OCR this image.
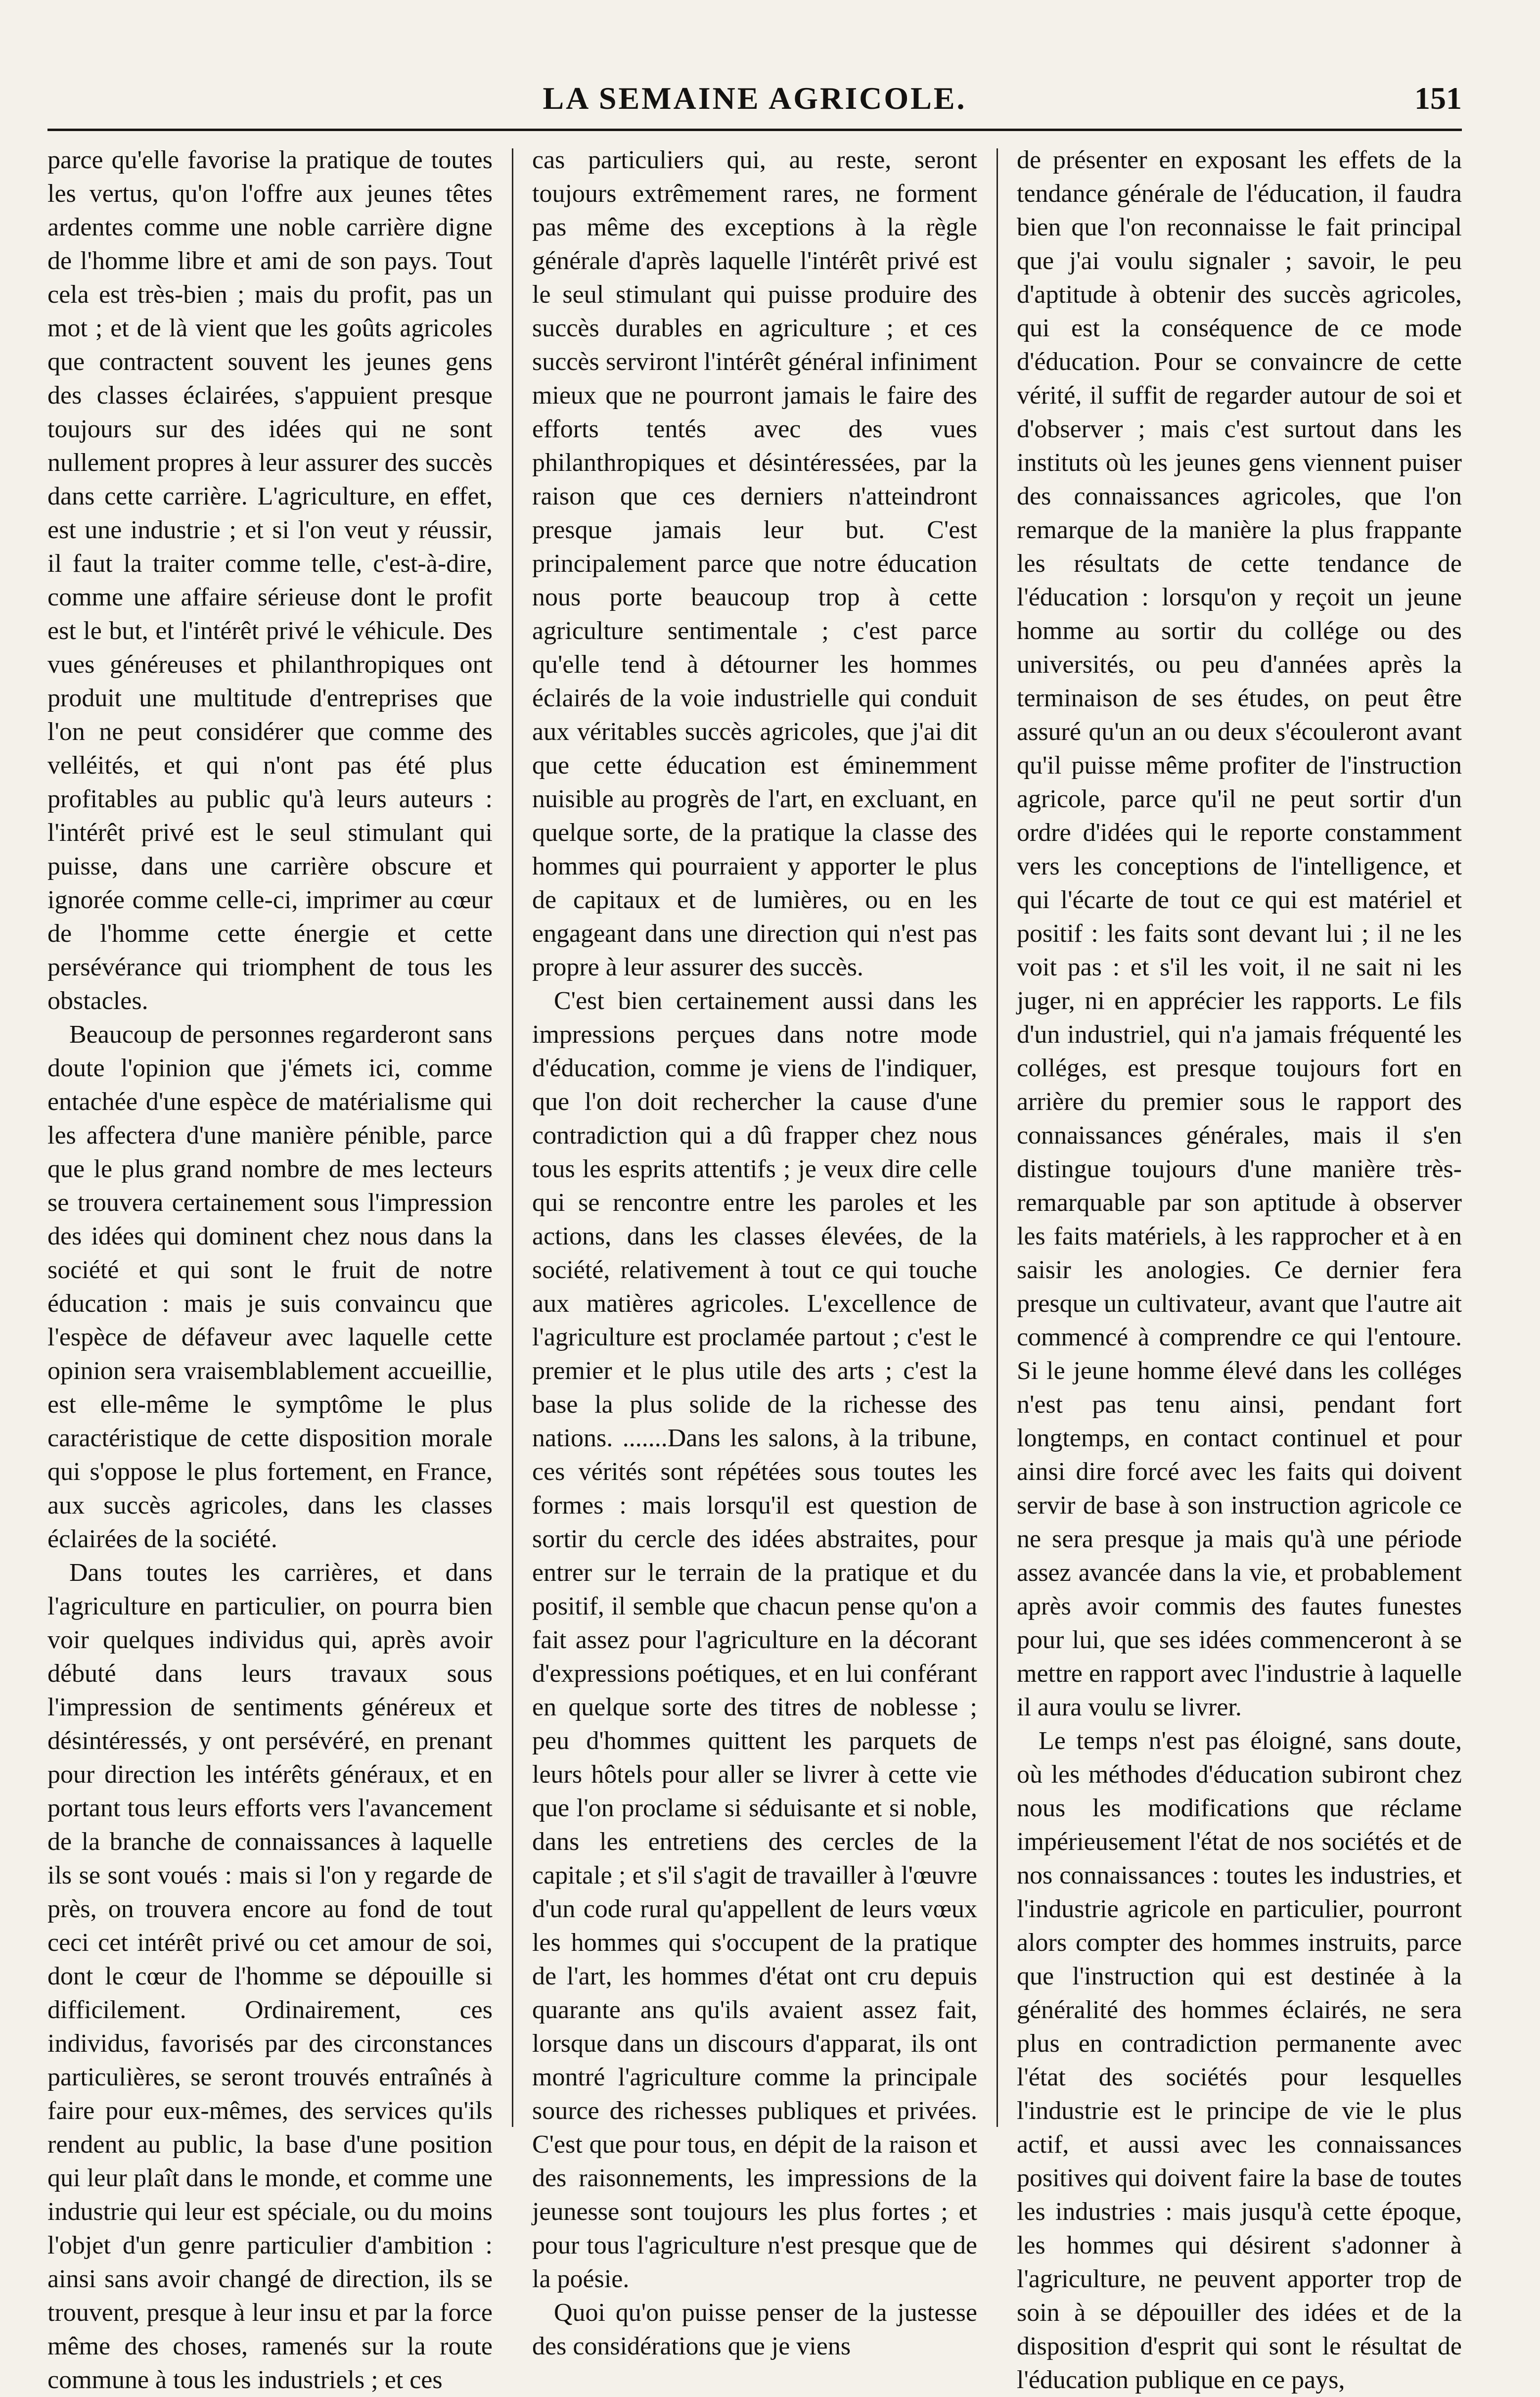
LA SEMAINE AGRICOLE.	151

parce qu'elle favorise la pratique de toutes les vertus, qu'on l'offre aux jeunes têtes ardentes comme une noble carrière digne de l'homme libre et ami de son pays. Tout cela est très-bien ; mais du profit, pas un mot ; et de là vient que les goûts agricoles que contractent souvent les jeunes gens des classes éclairées, s'appuient presque toujours sur des idées qui ne sont nullement propres à leur assurer des succès dans cette carrière. L'agriculture, en effet, est une industrie ; et si l'on veut y réussir, il faut la traiter comme telle, c'est-à-dire, comme une affaire sérieuse dont le profit est le but, et l'intérêt privé le véhicule. Des vues généreuses et philanthropiques ont produit une multitude d'entreprises que l'on ne peut considérer que comme des velléités, et qui n'ont pas été plus profitables au public qu'à leurs auteurs : l'intérêt privé est le seul stimulant qui puisse, dans une carrière obscure et ignorée comme celle-ci, imprimer au cœur de l'homme cette énergie et cette persévérance qui triomphent de tous les obstacles.

Beaucoup de personnes regarderont sans doute l'opinion que j'émets ici, comme entachée d'une espèce de matérialisme qui les affectera d'une manière pénible, parce que le plus grand nombre de mes lecteurs se trouvera certainement sous l'impression des idées qui dominent chez nous dans la société et qui sont le fruit de notre éducation : mais je suis convaincu que l'espèce de défaveur avec laquelle cette opinion sera vraisemblablement accueillie, est elle-même le symptôme le plus caractéristique de cette disposition morale qui s'oppose le plus fortement, en France, aux succès agricoles, dans les classes éclairées de la société.

Dans toutes les carrières, et dans l'agriculture en particulier, on pourra bien voir quelques individus qui, après avoir débuté dans leurs travaux sous l'impression de sentiments généreux et désintéressés, y ont persévéré, en prenant pour direction les intérêts généraux, et en portant tous leurs efforts vers l'avancement de la branche de connaissances à laquelle ils se sont voués : mais si l'on y regarde de près, on trouvera encore au fond de tout ceci cet intérêt privé ou cet amour de soi, dont le cœur de l'homme se dépouille si difficilement. Ordinairement, ces individus, favorisés par des circonstances particulières, se seront trouvés entraînés à faire pour eux-mêmes, des services qu'ils rendent au public, la base d'une position qui leur plaît dans le monde, et comme une industrie qui leur est spéciale, ou du moins l'objet d'un genre particulier d'ambition : ainsi sans avoir changé de direction, ils se trouvent, presque à leur insu et par la force même des choses, ramenés sur la route commune à tous les industriels ; et ces

cas particuliers qui, au reste, seront toujours extrêmement rares, ne forment pas même des exceptions à la règle générale d'après laquelle l'intérêt privé est le seul stimulant qui puisse produire des succès durables en agriculture ; et ces succès serviront l'intérêt général infiniment mieux que ne pourront jamais le faire des efforts tentés avec des vues philanthropiques et désintéressées, par la raison que ces derniers n'atteindront presque jamais leur but. C'est principalement parce que notre éducation nous porte beaucoup trop à cette agriculture sentimentale ; c'est parce qu'elle tend à détourner les hommes éclairés de la voie industrielle qui conduit aux véritables succès agricoles, que j'ai dit que cette éducation est éminemment nuisible au progrès de l'art, en excluant, en quelque sorte, de la pratique la classe des hommes qui pourraient y apporter le plus de capitaux et de lumières, ou en les engageant dans une direction qui n'est pas propre à leur assurer des succès.

C'est bien certainement aussi dans les impressions perçues dans notre mode d'éducation, comme je viens de l'indiquer, que l'on doit rechercher la cause d'une contradiction qui a dû frapper chez nous tous les esprits attentifs ; je veux dire celle qui se rencontre entre les paroles et les actions, dans les classes élevées, de la société, relativement à tout ce qui touche aux matières agricoles. L'excellence de l'agriculture est proclamée partout ; c'est le premier et le plus utile des arts ; c'est la base la plus solide de la richesse des nations. .......Dans les salons, à la tribune, ces vérités sont répétées sous toutes les formes : mais lorsqu'il est question de sortir du cercle des idées abstraites, pour entrer sur le terrain de la pratique et du positif, il semble que chacun pense qu'on a fait assez pour l'agriculture en la décorant d'expressions poétiques, et en lui conférant en quelque sorte des titres de noblesse ; peu d'hommes quittent les parquets de leurs hôtels pour aller se livrer à cette vie que l'on proclame si séduisante et si noble, dans les entretiens des cercles de la capitale ; et s'il s'agit de travailler à l'œuvre d'un code rural qu'appellent de leurs vœux les hommes qui s'occupent de la pratique de l'art, les hommes d'état ont cru depuis quarante ans qu'ils avaient assez fait, lorsque dans un discours d'apparat, ils ont montré l'agriculture comme la principale source des richesses publiques et privées. C'est que pour tous, en dépit de la raison et des raisonnements, les impressions de la jeunesse sont toujours les plus fortes ; et pour tous l'agriculture n'est presque que de la poésie.

Quoi qu'on puisse penser de la justesse des considérations que je viens

de présenter en exposant les effets de la tendance générale de l'éducation, il faudra bien que l'on reconnaisse le fait principal que j'ai voulu signaler ; savoir, le peu d'aptitude à obtenir des succès agricoles, qui est la conséquence de ce mode d'éducation. Pour se convaincre de cette vérité, il suffit de regarder autour de soi et d'observer ; mais c'est surtout dans les instituts où les jeunes gens viennent puiser des connaissances agricoles, que l'on remarque de la manière la plus frappante les résultats de cette tendance de l'éducation : lorsqu'on y reçoit un jeune homme au sortir du collége ou des universités, ou peu d'années après la terminaison de ses études, on peut être assuré qu'un an ou deux s'écouleront avant qu'il puisse même profiter de l'instruction agricole, parce qu'il ne peut sortir d'un ordre d'idées qui le reporte constamment vers les conceptions de l'intelligence, et qui l'écarte de tout ce qui est matériel et positif : les faits sont devant lui ; il ne les voit pas : et s'il les voit, il ne sait ni les juger, ni en apprécier les rapports. Le fils d'un industriel, qui n'a jamais fréquenté les colléges, est presque toujours fort en arrière du premier sous le rapport des connaissances générales, mais il s'en distingue toujours d'une manière très-remarquable par son aptitude à observer les faits matériels, à les rapprocher et à en saisir les anologies. Ce dernier fera presque un cultivateur, avant que l'autre ait commencé à comprendre ce qui l'entoure. Si le jeune homme élevé dans les colléges n'est pas tenu ainsi, pendant fort longtemps, en contact continuel et pour ainsi dire forcé avec les faits qui doivent servir de base à son instruction agricole ce ne sera presque ja mais qu'à une période assez avancée dans la vie, et probablement après avoir commis des fautes funestes pour lui, que ses idées commenceront à se mettre en rapport avec l'industrie à laquelle il aura voulu se livrer.

Le temps n'est pas éloigné, sans doute, où les méthodes d'éducation subiront chez nous les modifications que réclame impérieusement l'état de nos sociétés et de nos connaissances : toutes les industries, et l'industrie agricole en particulier, pourront alors compter des hommes instruits, parce que l'instruction qui est destinée à la généralité des hommes éclairés, ne sera plus en contradiction permanente avec l'état des sociétés pour lesquelles l'industrie est le principe de vie le plus actif, et aussi avec les connaissances positives qui doivent faire la base de toutes les industries : mais jusqu'à cette époque, les hommes qui désirent s'adonner à l'agriculture, ne peuvent apporter trop de soin à se dépouiller des idées et de la disposition d'esprit qui sont le résultat de l'éducation publique en ce pays,
